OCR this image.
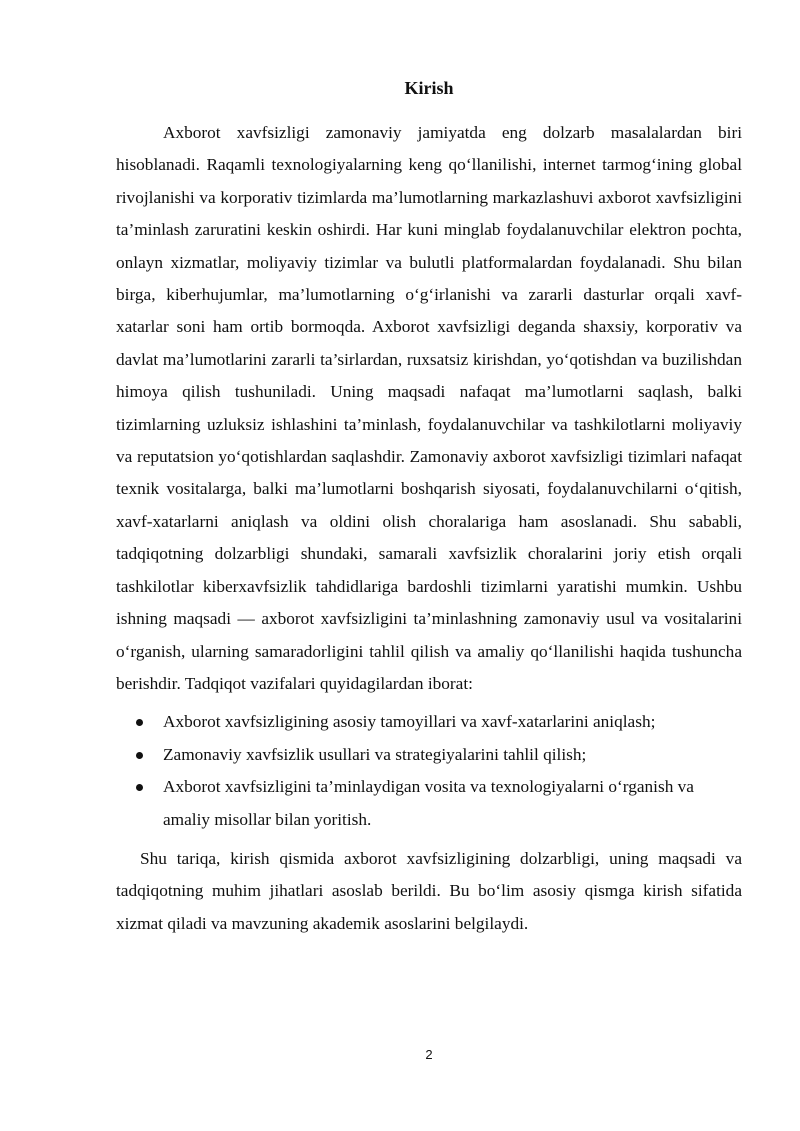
Kirish

Axborot xavfsizligi zamonaviy jamiyatda eng dolzarb masalalardan biri hisoblanadi. Raqamli texnologiyalarning keng qo‘llanilishi, internet tarmog‘ining global rivojlanishi va korporativ tizimlarda ma’lumotlarning markazlashuvi axborot xavfsizligini ta’minlash zaruratini keskin oshirdi. Har kuni minglab foydalanuvchilar elektron pochta, onlayn xizmatlar, moliyaviy tizimlar va bulutli platformalardan foydalanadi. Shu bilan birga, kiberhujumlar, ma’lumotlarning o‘g‘irlanishi va zararli dasturlar orqali xavf-xatarlar soni ham ortib bormoqda. Axborot xavfsizligi deganda shaxsiy, korporativ va davlat ma’lumotlarini zararli ta’sirlardan, ruxsatsiz kirishdan, yo‘qotishdan va buzilishdan himoya qilish tushuniladi. Uning maqsadi nafaqat ma’lumotlarni saqlash, balki tizimlarning uzluksiz ishlashini ta’minlash, foydalanuvchilar va tashkilotlarni moliyaviy va reputatsion yo‘qotishlardan saqlashdir. Zamonaviy axborot xavfsizligi tizimlari nafaqat texnik vositalarga, balki ma’lumotlarni boshqarish siyosati, foydalanuvchilarni o‘qitish, xavf-xatarlarni aniqlash va oldini olish choralariga ham asoslanadi. Shu sababli, tadqiqotning dolzarbligi shundaki, samarali xavfsizlik choralarini joriy etish orqali tashkilotlar kiberxavfsizlik tahdidlariga bardoshli tizimlarni yaratishi mumkin. Ushbu ishning maqsadi — axborot xavfsizligini ta’minlashning zamonaviy usul va vositalarini o‘rganish, ularning samaradorligini tahlil qilish va amaliy qo‘llanilishi haqida tushuncha berishdir. Tadqiqot vazifalari quyidagilardan iborat:

Axborot xavfsizligining asosiy tamoyillari va xavf-xatarlarini aniqlash;
Zamonaviy xavfsizlik usullari va strategiyalarini tahlil qilish;
Axborot xavfsizligini ta’minlaydigan vosita va texnologiyalarni o‘rganish va amaliy misollar bilan yoritish.

Shu tariqa, kirish qismida axborot xavfsizligining dolzarbligi, uning maqsadi va tadqiqotning muhim jihatlari asoslab berildi. Bu bo‘lim asosiy qismga kirish sifatida xizmat qiladi va mavzuning akademik asoslarini belgilaydi.

2
